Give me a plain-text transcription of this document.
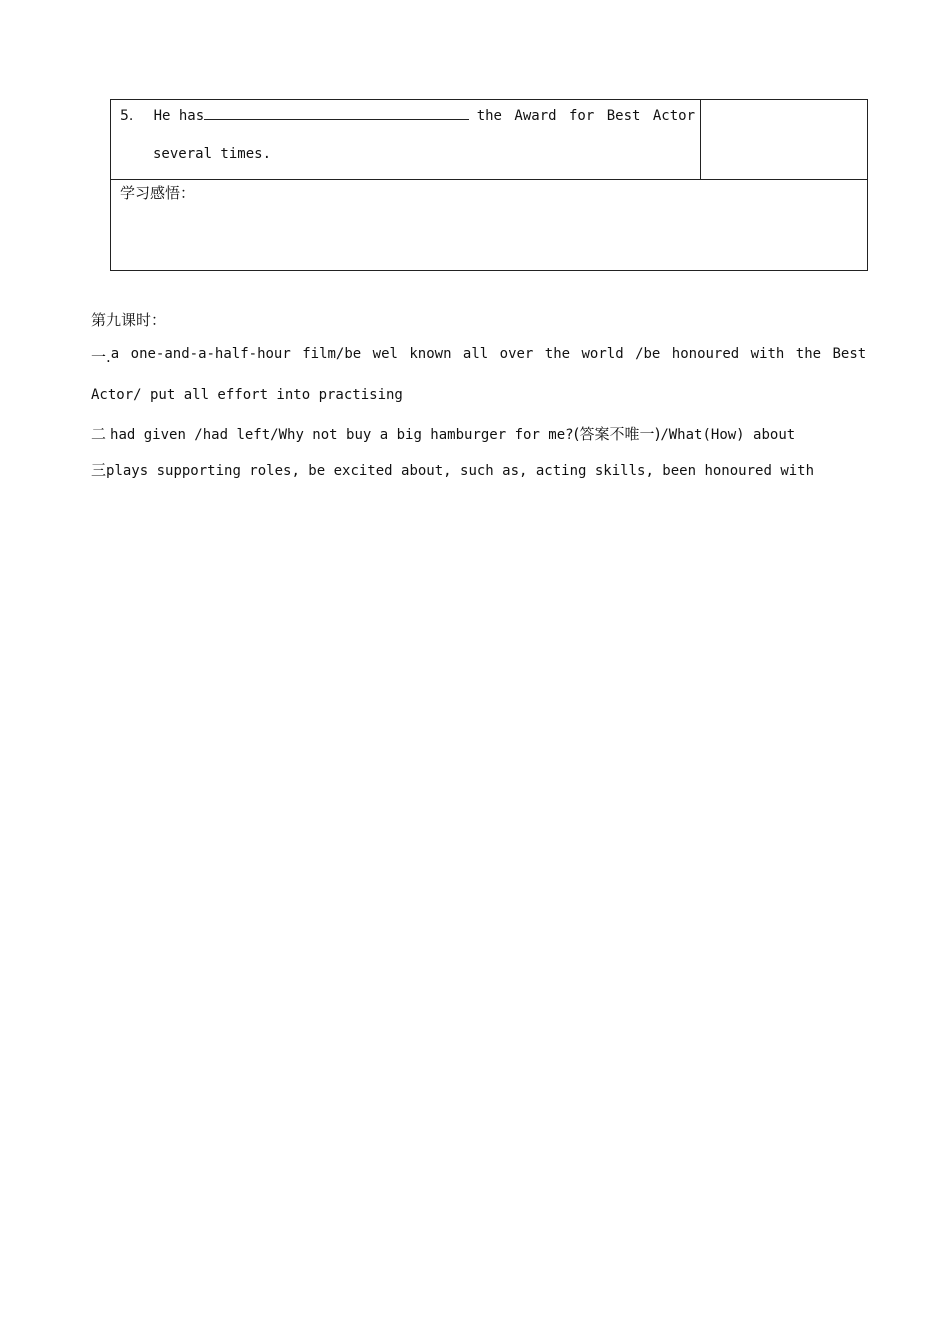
5.	He has	the Award for Best Actor
several times.
学习感悟：
第九课时：
一. a one-and-a-half-hour film/be wel known all over the world /be honoured with the Best
Actor/ put all effort into practising
二 had given /had left/Why not buy a big hamburger for me?(答案不唯一)/What(How) about
三plays supporting roles, be excited about, such as, acting skills, been honoured with
